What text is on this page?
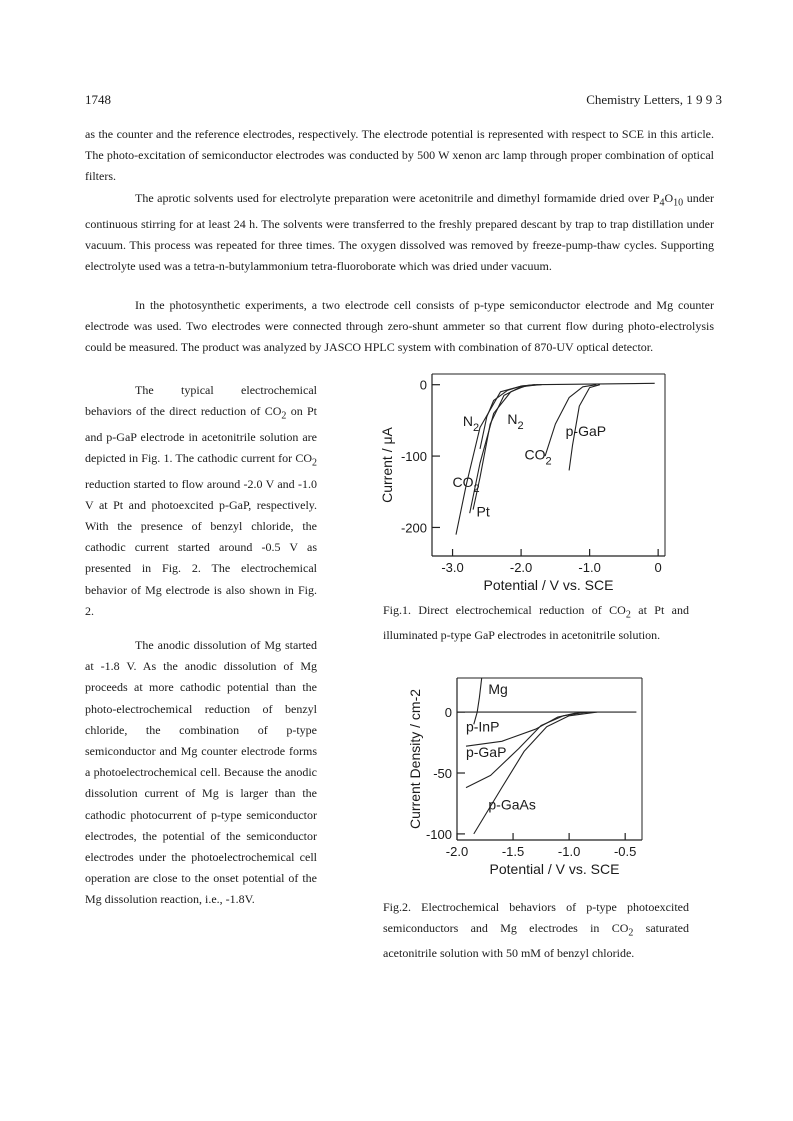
1748	Chemistry Letters, 1 9 9 3

as the counter and the reference electrodes, respectively. The electrode potential is represented with respect to SCE in this article. The photo-excitation of semiconductor electrodes was conducted by 500 W xenon arc lamp through proper combination of optical filters.

The aprotic solvents used for electrolyte preparation were acetonitrile and dimethyl formamide dried over $P_4O_{10}$ under continuous stirring for at least 24 h. The solvents were transferred to the freshly prepared descant by trap to trap distillation under vacuum. This process was repeated for three times. The oxygen dissolved was removed by freeze-pump-thaw cycles. Supporting electrolyte used was a tetra-n-butylammonium tetra-fluoroborate which was dried under vacuum.

In the photosynthetic experiments, a two electrode cell consists of p-type semiconductor electrode and Mg counter electrode was used. Two electrodes were connected through zero-shunt ammeter so that current flow during photo-electrolysis could be measured. The product was analyzed by JASCO HPLC system with combination of 870-UV optical detector.

The typical electrochemical behaviors of the direct reduction of $CO_2$ on Pt and p-GaP electrode in acetonitrile solution are depicted in Fig. 1. The cathodic current for $CO_2$ reduction started to flow around -2.0 V and -1.0 V at Pt and photoexcited p-GaP, respectively. With the presence of benzyl chloride, the cathodic current started around -0.5 V as presented in Fig. 2. The electrochemical behavior of Mg electrode is also shown in Fig. 2.

The anodic dissolution of Mg started at -1.8 V. As the anodic dissolution of Mg proceeds at more cathodic potential than the photo-electrochemical reduction of benzyl chloride, the combination of p-type semiconductor and Mg counter electrode forms a photoelectrochemical cell. Because the anodic dissolution current of Mg is larger than the cathodic photocurrent of p-type semiconductor electrodes, the potential of the semiconductor electrodes under the photoelectrochemical cell operation are close to the onset potential of the Mg dissolution reaction, i.e., -1.8V.

0
-100
-200
-3.0	-2.0	-1.0	0
Potential / V vs. SCE
Current / μA
$N_2$
$N_2$	p-GaP
$CO_2$
$CO_2$
Pt

Fig.1. Direct electrochemical reduction of $CO_2$ at Pt and illuminated p-type GaP electrodes in acetonitrile solution.

0
-50
-100
-2.0	-1.5	-1.0	-0.5
Potential / V vs. SCE
Current Density / cm-2
Mg
p-InP
p-GaP
p-GaAs

Fig.2. Electrochemical behaviors of p-type photoexcited semiconductors and Mg electrodes in $CO_2$ saturated acetonitrile solution with 50 mM of benzyl chloride.
